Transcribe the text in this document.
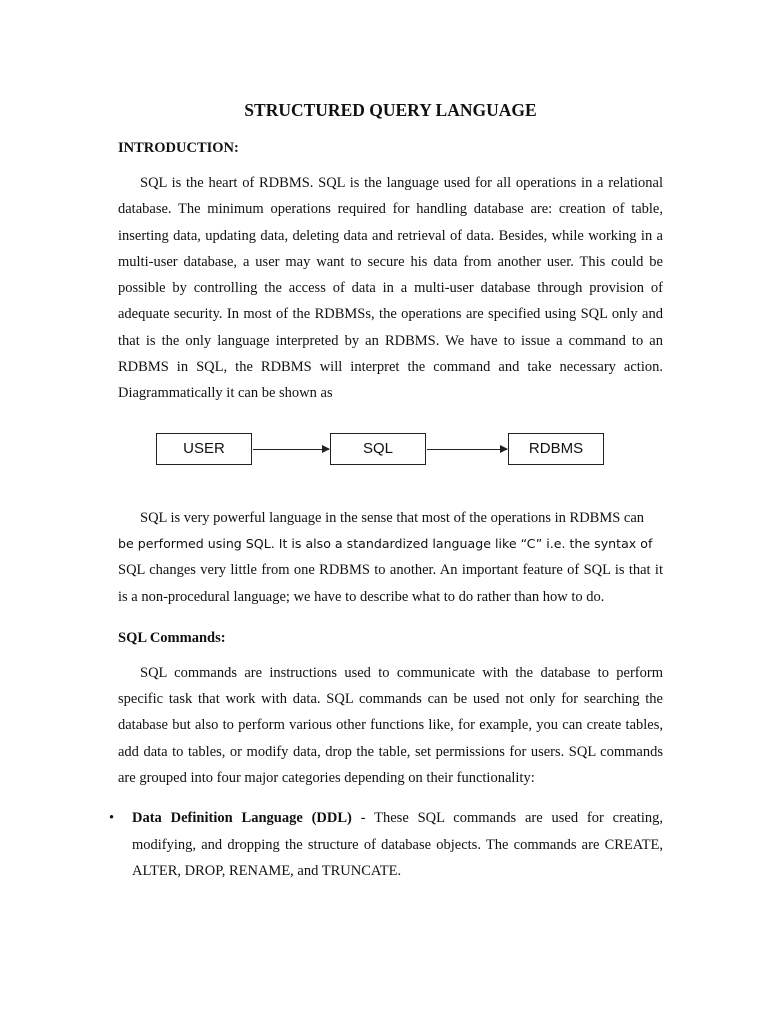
STRUCTURED QUERY LANGUAGE
INTRODUCTION:

SQL is the heart of RDBMS. SQL is the language used for all operations in a relational database. The minimum operations required for handling database are: creation of table, inserting data, updating data, deleting data and retrieval of data. Besides, while working in a multi-user database, a user may want to secure his data from another user. This could be possible by controlling the access of data in a multi-user database through provision of adequate security. In most of the RDBMSs, the operations are specified using SQL only and that is the only language interpreted by an RDBMS. We have to issue a command to an RDBMS in SQL, the RDBMS will interpret the command and take necessary action. Diagrammatically it can be shown as

USER	SQL	RDBMS

SQL is very powerful language in the sense that most of the operations in RDBMS can

be performed using SQL. It is also a standardized language like “C” i.e. the syntax of

SQL changes very little from one RDBMS to another. An important feature of SQL is that it is a non-procedural language; we have to describe what to do rather than how to do.

SQL Commands:

SQL commands are instructions used to communicate with the database to perform specific task that work with data. SQL commands can be used not only for searching the database but also to perform various other functions like, for example, you can create tables, add data to tables, or modify data, drop the table, set permissions for users. SQL commands are grouped into four major categories depending on their functionality:

• Data Definition Language (DDL) - These SQL commands are used for creating, modifying, and dropping the structure of database objects. The commands are CREATE, ALTER, DROP, RENAME, and TRUNCATE.
